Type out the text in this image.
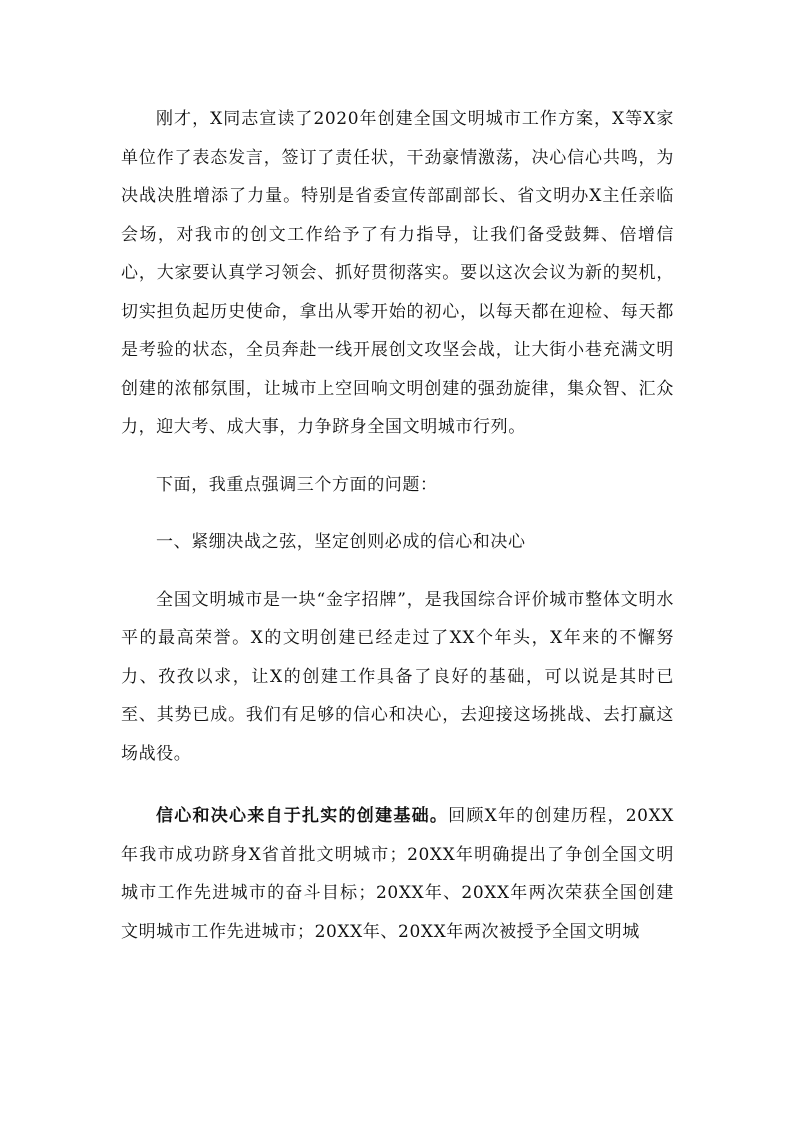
刚才，X同志宣读了2020年创建全国文明城市工作方案，X等X家单位作了表态发言，签订了责任状，干劲豪情激荡，决心信心共鸣，为决战决胜增添了力量。特别是省委宣传部副部长、省文明办X主任亲临会场，对我市的创文工作给予了有力指导，让我们备受鼓舞、倍增信心，大家要认真学习领会、抓好贯彻落实。要以这次会议为新的契机，切实担负起历史使命，拿出从零开始的初心，以每天都在迎检、每天都是考验的状态，全员奔赴一线开展创文攻坚会战，让大街小巷充满文明创建的浓郁氛围，让城市上空回响文明创建的强劲旋律，集众智、汇众力，迎大考、成大事，力争跻身全国文明城市行列。

下面，我重点强调三个方面的问题：

一、紧绷决战之弦，坚定创则必成的信心和决心

全国文明城市是一块“金字招牌”，是我国综合评价城市整体文明水平的最高荣誉。X的文明创建已经走过了XX个年头，X年来的不懈努力、孜孜以求，让X的创建工作具备了良好的基础，可以说是其时已至、其势已成。我们有足够的信心和决心，去迎接这场挑战、去打赢这场战役。

信心和决心来自于扎实的创建基础。回顾X年的创建历程，20XX年我市成功跻身X省首批文明城市；20XX年明确提出了争创全国文明城市工作先进城市的奋斗目标；20XX年、20XX年两次荣获全国创建文明城市工作先进城市；20XX年、20XX年两次被授予全国文明城
